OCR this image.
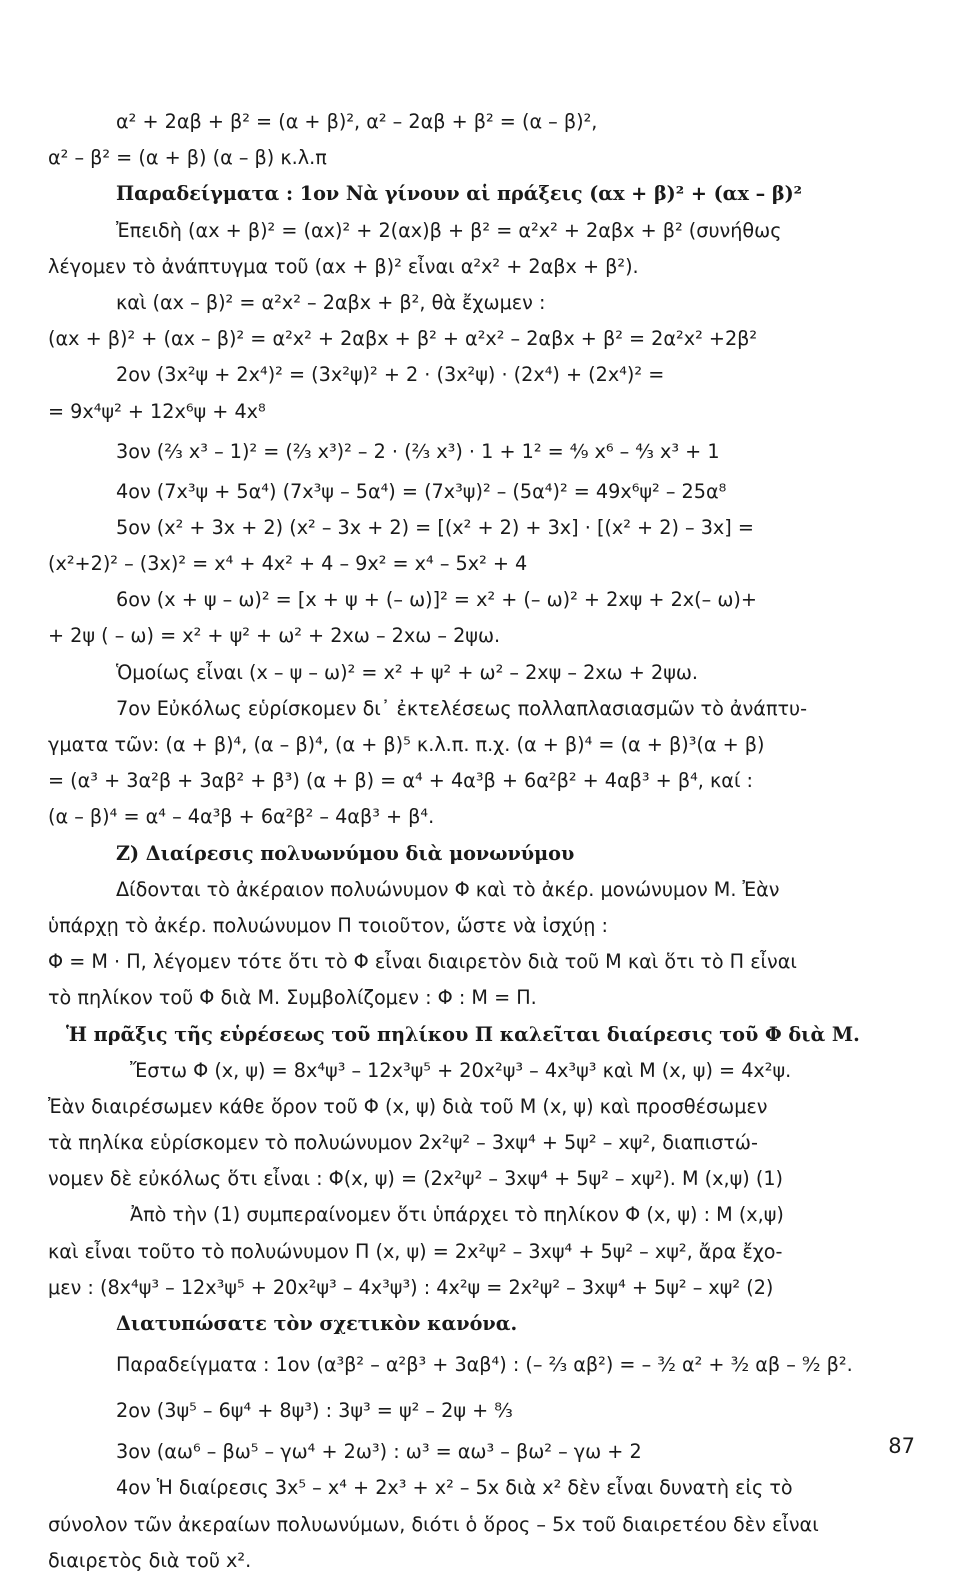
α² + 2αβ + β² = (α + β)², α² – 2αβ + β² = (α – β)²,
α² – β² = (α + β) (α – β) κ.λ.π
Παραδείγματα : 1ον Νὰ γίνουν αἱ πράξεις (αx + β)² + (αx – β)²
Ἐπειδὴ (αx + β)² = (αx)² + 2(αx)β + β² = α²x² + 2αβx + β² (συνήθως
λέγομεν τὸ ἀνάπτυγμα τοῦ (αx + β)² εἶναι α²x² + 2αβx + β²).
καὶ (αx – β)² = α²x² – 2αβx + β², θὰ ἔχωμεν :
(αx + β)² + (αx – β)² = α²x² + 2αβx + β² + α²x² – 2αβx + β² = 2α²x² +2β²
2ον (3x²ψ + 2x⁴)² = (3x²ψ)² + 2 · (3x²ψ) · (2x⁴) + (2x⁴)² =
= 9x⁴ψ² + 12x⁶ψ + 4x⁸
3ον (²⁄₃ x³ – 1)² = (²⁄₃ x³)² – 2 · (²⁄₃ x³) · 1 + 1² = ⁴⁄₉ x⁶ – ⁴⁄₃ x³ + 1
4ον (7x³ψ + 5α⁴) (7x³ψ – 5α⁴) = (7x³ψ)² – (5α⁴)² = 49x⁶ψ² – 25α⁸
5ον (x² + 3x + 2) (x² – 3x + 2) = [(x² + 2) + 3x] · [(x² + 2) – 3x] =
(x²+2)² – (3x)² = x⁴ + 4x² + 4 – 9x² = x⁴ – 5x² + 4
6ον (x + ψ – ω)² = [x + ψ + (– ω)]² = x² + (– ω)² + 2xψ + 2x(– ω)+
+ 2ψ ( – ω) = x² + ψ² + ω² + 2xω – 2xω – 2ψω.
Ὁμοίως εἶναι (x – ψ – ω)² = x² + ψ² + ω² – 2xψ – 2xω + 2ψω.
7ον Εὐκόλως εὑρίσκομεν δι᾽ ἐκτελέσεως πολλαπλασιασμῶν τὸ ἀνάπτυ-
γματα τῶν: (α + β)⁴, (α – β)⁴, (α + β)⁵ κ.λ.π. π.χ. (α + β)⁴ = (α + β)³(α + β)
= (α³ + 3α²β + 3αβ² + β³) (α + β) = α⁴ + 4α³β + 6α²β² + 4αβ³ + β⁴, καί :
(α – β)⁴ = α⁴ – 4α³β + 6α²β² – 4αβ³ + β⁴.
Z) Διαίρεσις πολυωνύμου διὰ μονωνύμου
Δίδονται τὸ ἀκέραιον πολυώνυμον Φ καὶ τὸ ἀκέρ. μονώνυμον Μ. Ἐὰν
ὑπάρχῃ τὸ ἀκέρ. πολυώνυμον Π τοιοῦτον, ὥστε νὰ ἰσχύῃ :
Φ = Μ · Π, λέγομεν τότε ὅτι τὸ Φ εἶναι διαιρετὸν διὰ τοῦ Μ καὶ ὅτι τὸ Π εἶναι
τὸ πηλίκον τοῦ Φ διὰ Μ. Συμβολίζομεν : Φ : Μ = Π.
Ἡ πρᾶξις τῆς εὑρέσεως τοῦ πηλίκου Π καλεῖται διαίρεσις τοῦ Φ διὰ Μ.
Ἔστω Φ (x, ψ) = 8x⁴ψ³ – 12x³ψ⁵ + 20x²ψ³ – 4x³ψ³ καὶ Μ (x, ψ) = 4x²ψ.
Ἐὰν διαιρέσωμεν κάθε ὅρον τοῦ Φ (x, ψ) διὰ τοῦ Μ (x, ψ) καὶ προσθέσωμεν
τὰ πηλίκα εὑρίσκομεν τὸ πολυώνυμον 2x²ψ² – 3xψ⁴ + 5ψ² – xψ², διαπιστώ-
νομεν δὲ εὐκόλως ὅτι εἶναι : Φ(x, ψ) = (2x²ψ² – 3xψ⁴ + 5ψ² – xψ²). Μ (x,ψ) (1)
Ἀπὸ τὴν (1) συμπεραίνομεν ὅτι ὑπάρχει τὸ πηλίκον Φ (x, ψ) : Μ (x,ψ)
καὶ εἶναι τοῦτο τὸ πολυώνυμον Π (x, ψ) = 2x²ψ² – 3xψ⁴ + 5ψ² – xψ², ἄρα ἔχο-
μεν : (8x⁴ψ³ – 12x³ψ⁵ + 20x²ψ³ – 4x³ψ³) : 4x²ψ = 2x²ψ² – 3xψ⁴ + 5ψ² – xψ² (2)
Διατυπώσατε τὸν σχετικὸν κανόνα.
Παραδείγματα : 1ον (α³β² – α²β³ + 3αβ⁴) : (– ²⁄₃ αβ²) = – ³⁄₂ α² + ³⁄₂ αβ – ⁹⁄₂ β².
2ον (3ψ⁵ – 6ψ⁴ + 8ψ³) : 3ψ³ = ψ² – 2ψ + ⁸⁄₃
3ον (αω⁶ – βω⁵ – γω⁴ + 2ω³) : ω³ = αω³ – βω² – γω + 2
4ον Ἡ διαίρεσις 3x⁵ – x⁴ + 2x³ + x² – 5x διὰ x² δὲν εἶναι δυνατὴ εἰς τὸ
σύνολον τῶν ἀκεραίων πολυωνύμων, διότι ὁ ὅρος – 5x τοῦ διαιρετέου δὲν εἶναι
διαιρετὸς διὰ τοῦ x².
87
